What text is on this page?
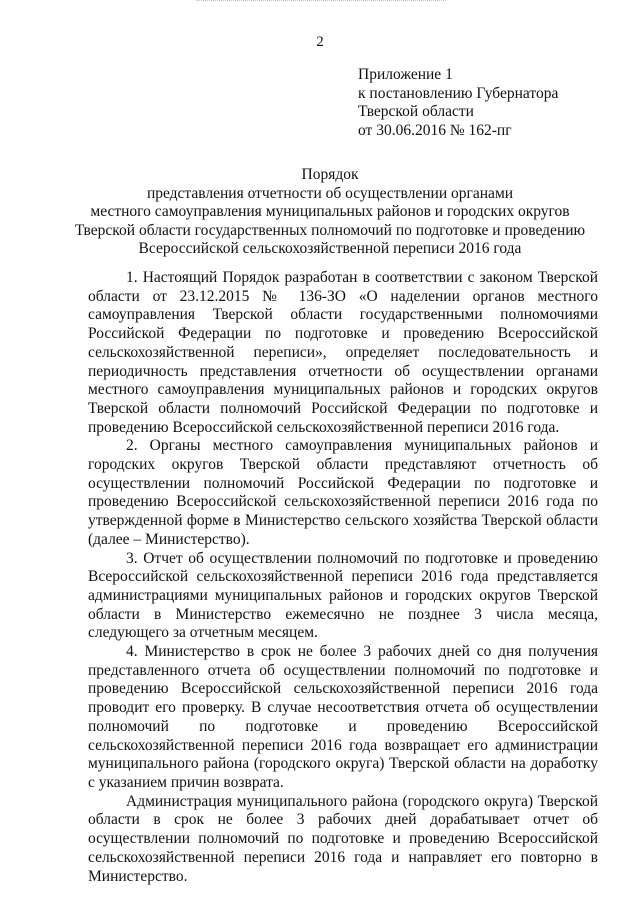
2
Приложение 1
к постановлению Губернатора
Тверской области
от 30.06.2016 № 162-пг
Порядок
представления отчетности об осуществлении органами
местного самоуправления муниципальных районов и городских округов
Тверской области государственных полномочий по подготовке и проведению
Всероссийской сельскохозяйственной переписи 2016 года

1. Настоящий Порядок разработан в соответствии с законом Тверской области от 23.12.2015 № 136-ЗО «О наделении органов местного самоуправления Тверской области государственными полномочиями Российской Федерации по подготовке и проведению Всероссийской сельскохозяйственной переписи», определяет последовательность и периодичность представления отчетности об осуществлении органами местного самоуправления муниципальных районов и городских округов Тверской области полномочий Российской Федерации по подготовке и проведению Всероссийской сельскохозяйственной переписи 2016 года.

2. Органы местного самоуправления муниципальных районов и городских округов Тверской области представляют отчетность об осуществлении полномочий Российской Федерации по подготовке и проведению Всероссийской сельскохозяйственной переписи 2016 года по утвержденной форме в Министерство сельского хозяйства Тверской области (далее – Министерство).

3. Отчет об осуществлении полномочий по подготовке и проведению Всероссийской сельскохозяйственной переписи 2016 года представляется администрациями муниципальных районов и городских округов Тверской области в Министерство ежемесячно не позднее 3 числа месяца, следующего за отчетным месяцем.

4. Министерство в срок не более 3 рабочих дней со дня получения представленного отчета об осуществлении полномочий по подготовке и проведению Всероссийской сельскохозяйственной переписи 2016 года проводит его проверку. В случае несоответствия отчета об осуществлении полномочий по подготовке и проведению Всероссийской сельскохозяйственной переписи 2016 года возвращает его администрации муниципального района (городского округа) Тверской области на доработку с указанием причин возврата.

Администрация муниципального района (городского округа) Тверской области в срок не более 3 рабочих дней дорабатывает отчет об осуществлении полномочий по подготовке и проведению Всероссийской сельскохозяйственной переписи 2016 года и направляет его повторно в Министерство.
